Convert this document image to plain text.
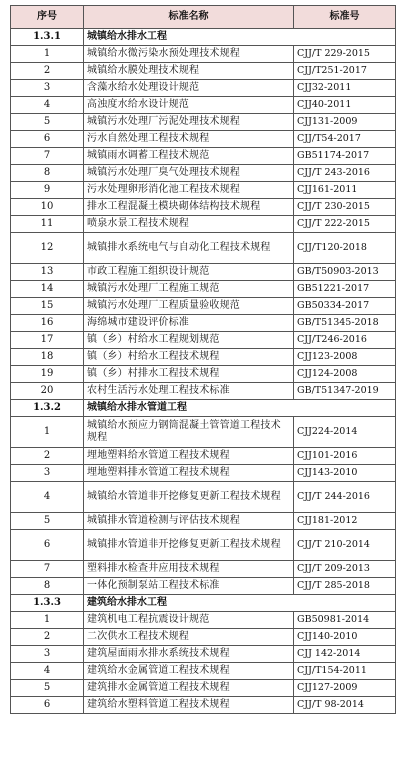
序号	标准名称	标准号
1.3.1	城镇给水排水工程	
1	城镇给水微污染水预处理技术规程	CJJ/T 229-2015
2	城镇给水膜处理技术规程	CJJ/T251-2017
3	含藻水给水处理设计规范	CJJ32-2011
4	高浊度水给水设计规范	CJJ40-2011
5	城镇污水处理厂污泥处理技术规程	CJJ131-2009
6	污水自然处理工程技术规程	CJJ/T54-2017
7	城镇雨水调蓄工程技术规范	GB51174-2017
8	城镇污水处理厂臭气处理技术规程	CJJ/T 243-2016
9	污水处理卵形消化池工程技术规程	CJJ161-2011
10	排水工程混凝土模块砌体结构技术规程	CJJ/T 230-2015
11	喷泉水景工程技术规程	CJJ/T 222-2015
12	城镇排水系统电气与自动化工程技术规程	CJJ/T120-2018
13	市政工程施工组织设计规范	GB/T50903-2013
14	城镇污水处理厂工程施工规范	GB51221-2017
15	城镇污水处理厂工程质量验收规范	GB50334-2017
16	海绵城市建设评价标准	GB/T51345-2018
17	镇（乡）村给水工程规划规范	CJJ/T246-2016
18	镇（乡）村给水工程技术规程	CJJ123-2008
19	镇（乡）村排水工程技术规程	CJJ124-2008
20	农村生活污水处理工程技术标准	GB/T51347-2019
1.3.2	城镇给水排水管道工程	
1	城镇给水预应力钢筒混凝土管管道工程技术规程	CJJ224-2014
2	埋地塑料给水管道工程技术规程	CJJ101-2016
3	埋地塑料排水管道工程技术规程	CJJ143-2010
4	城镇给水管道非开挖修复更新工程技术规程	CJJ/T 244-2016
5	城镇排水管道检测与评估技术规程	CJJ181-2012
6	城镇排水管道非开挖修复更新工程技术规程	CJJ/T 210-2014
7	塑料排水检查井应用技术规程	CJJ/T 209-2013
8	一体化预制泵站工程技术标准	CJJ/T 285-2018
1.3.3	建筑给水排水工程	
1	建筑机电工程抗震设计规范	GB50981-2014
2	二次供水工程技术规程	CJJ140-2010
3	建筑屋面雨水排水系统技术规程	CJJ 142-2014
4	建筑给水金属管道工程技术规程	CJJ/T154-2011
5	建筑排水金属管道工程技术规程	CJJ127-2009
6	建筑给水塑料管道工程技术规程	CJJ/T 98-2014
